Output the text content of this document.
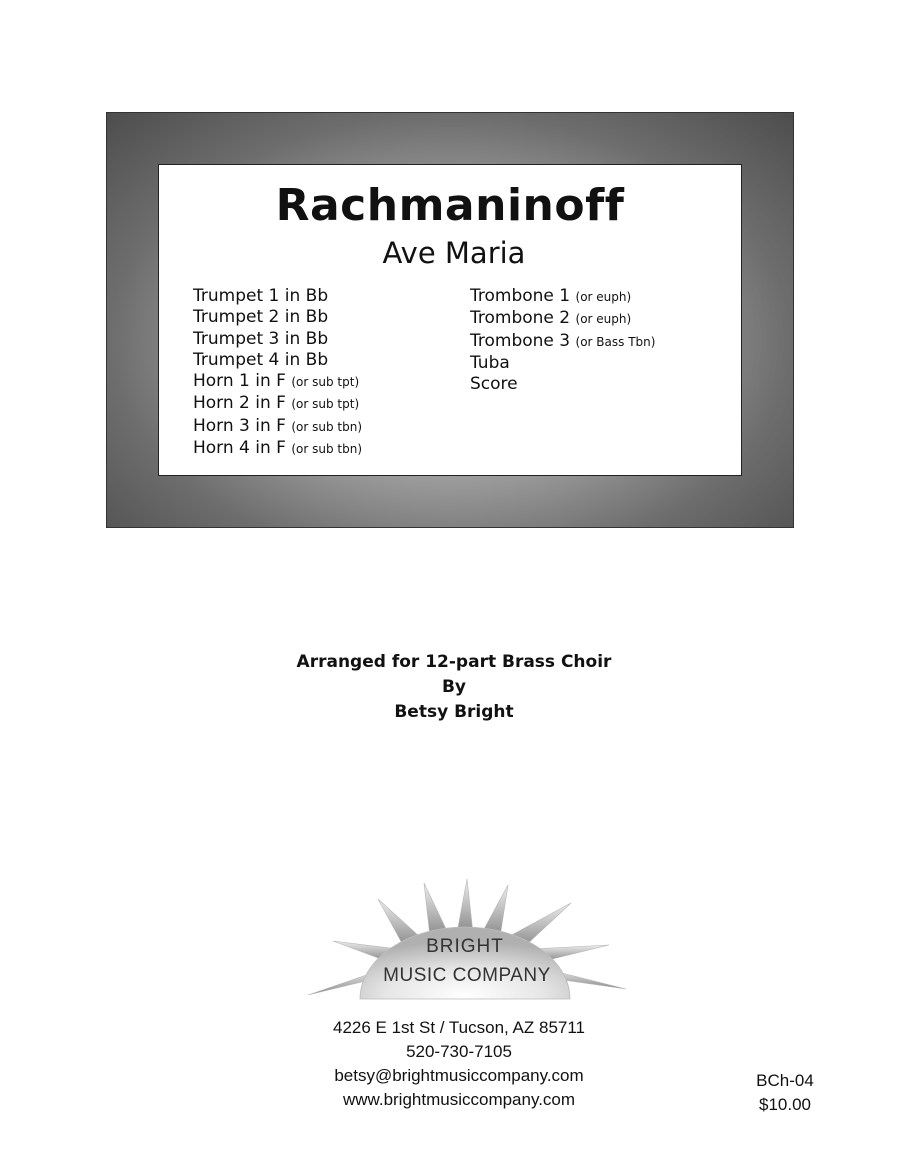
Rachmaninoff
Ave Maria
Trumpet 1 in Bb
Trumpet 2 in Bb
Trumpet 3 in Bb
Trumpet 4 in Bb
Horn 1 in F (or sub tpt)
Horn 2 in F (or sub tpt)
Horn 3 in F (or sub tbn)
Horn 4 in F (or sub tbn)
Trombone 1 (or euph)
Trombone 2 (or euph)
Trombone 3 (or Bass Tbn)
Tuba
Score
Arranged for 12-part Brass Choir
By
Betsy Bright
BRIGHT
MUSIC COMPANY
4226 E 1st St / Tucson, AZ 85711
520-730-7105
betsy@brightmusiccompany.com
www.brightmusiccompany.com
BCh-04
$10.00
